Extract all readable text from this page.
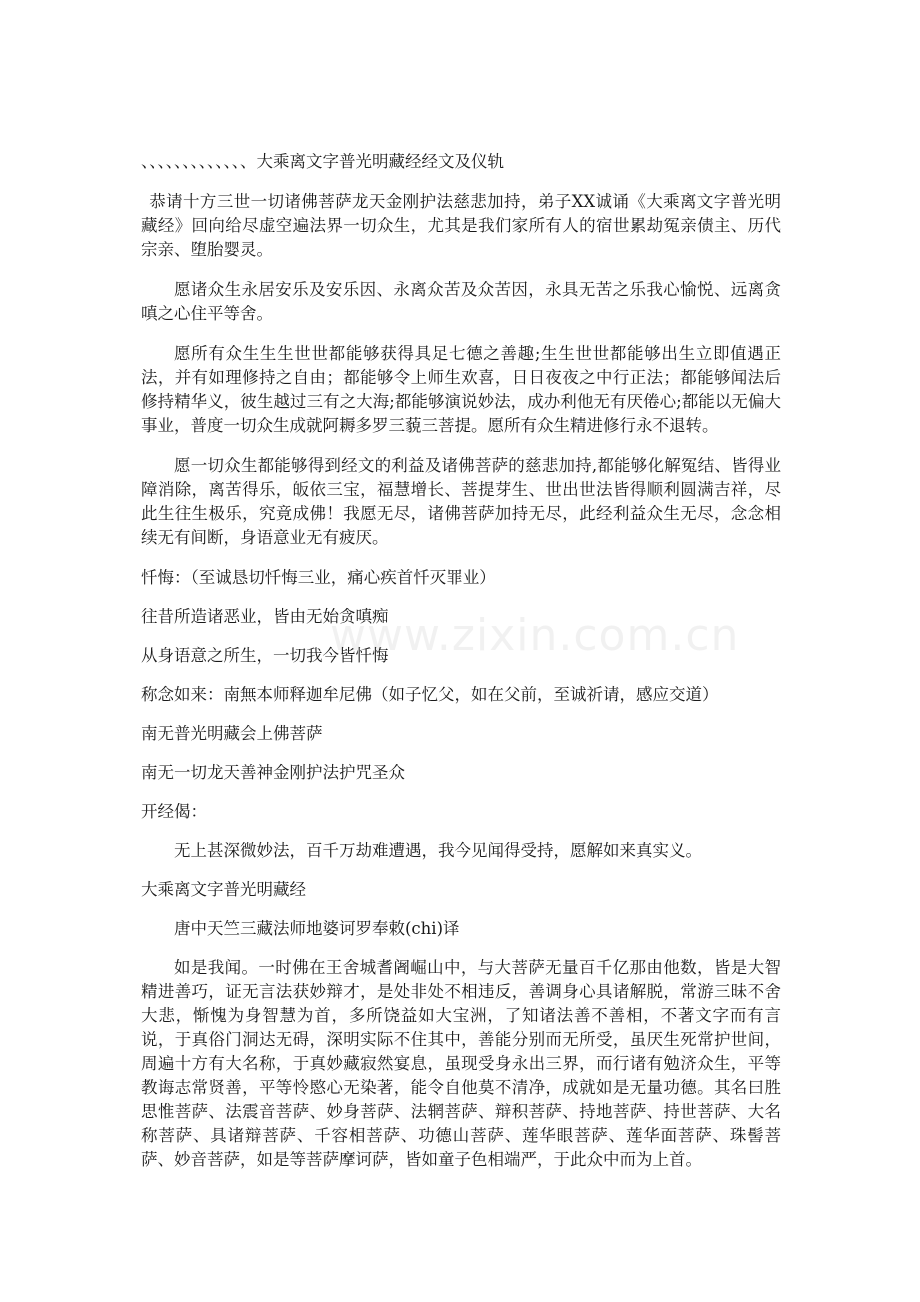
www.zixin.com.cn

、、、、、、、、、、、、、大乘离文字普光明藏经经文及仪轨

恭请十方三世一切诸佛菩萨龙天金刚护法慈悲加持，弟子XX诚诵《大乘离文字普光明藏经》回向给尽虚空遍法界一切众生，尤其是我们家所有人的宿世累劫冤亲债主、历代宗亲、堕胎婴灵。

愿诸众生永居安乐及安乐因、永离众苦及众苦因，永具无苦之乐我心愉悦、远离贪嗔之心住平等舍。

愿所有众生生生世世都能够获得具足七德之善趣;生生世世都能够出生立即值遇正法，并有如理修持之自由；都能够令上师生欢喜，日日夜夜之中行正法；都能够闻法后修持精华义，彼生越过三有之大海;都能够演说妙法，成办利他无有厌倦心;都能以无偏大事业，普度一切众生成就阿耨多罗三藐三菩提。愿所有众生精进修行永不退转。

愿一切众生都能够得到经文的利益及诸佛菩萨的慈悲加持,都能够化解冤结、皆得业障消除，离苦得乐，皈依三宝，福慧增长、菩提芽生、世出世法皆得顺利圆满吉祥，尽此生往生极乐，究竟成佛！我愿无尽，诸佛菩萨加持无尽，此经利益众生无尽，念念相续无有间断，身语意业无有疲厌。

忏悔：（至诚恳切忏悔三业，痛心疾首忏灭罪业）

往昔所造诸恶业，皆由无始贪嗔痴

从身语意之所生，一切我今皆忏悔

称念如来：南無本师释迦牟尼佛（如子忆父，如在父前，至诚祈请，感应交道）

南无普光明藏会上佛菩萨

南无一切龙天善神金刚护法护咒圣众

开经偈：

无上甚深微妙法，百千万劫难遭遇，我今见闻得受持，愿解如来真实义。

大乘离文字普光明藏经

唐中天竺三藏法师地婆诃罗奉敕(chi)译

如是我闻。一时佛在王舍城耆阇崛山中，与大菩萨无量百千亿那由他数，皆是大智精进善巧，证无言法获妙辩才，是处非处不相违反，善调身心具诸解脱，常游三昧不舍大悲，惭愧为身智慧为首，多所饶益如大宝洲，了知诸法善不善相，不著文字而有言说，于真俗门洞达无碍，深明实际不住其中，善能分别而无所受，虽厌生死常护世间，周遍十方有大名称，于真妙藏寂然宴息，虽现受身永出三界，而行诸有勉济众生，平等教诲志常贤善，平等怜愍心无染著，能令自他莫不清净，成就如是无量功德。其名曰胜思惟菩萨、法震音菩萨、妙身菩萨、法辋菩萨、辩积菩萨、持地菩萨、持世菩萨、大名称菩萨、具诸辩菩萨、千容相菩萨、功德山菩萨、莲华眼菩萨、莲华面菩萨、珠髻菩萨、妙音菩萨，如是等菩萨摩诃萨，皆如童子色相端严，于此众中而为上首。
